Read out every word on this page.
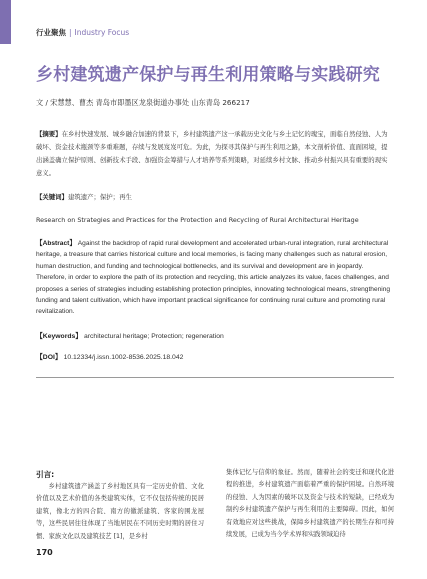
行业聚焦 | Industry Focus
乡村建筑遗产保护与再生利用策略与实践研究
文 / 宋慧慧、曹杰 青岛市即墨区龙泉街道办事处 山东青岛 266217
【摘要】在乡村快速发展、城乡融合加速的背景下，乡村建筑遗产这一承载历史文化与乡土记忆的瑰宝，面临自然侵蚀、人为破坏、资金技术瓶颈等多重难题，存续与发展岌岌可危。为此，为探寻其保护与再生利用之路，本文剖析价值、直面困境，提出涵盖确立保护原则、创新技术手段、加强资金筹措与人才培养等系列策略，对延续乡村文脉、推动乡村振兴具有重要的现实意义。
【关键词】建筑遗产；保护；再生
Research on Strategies and Practices for the Protection and Recycling of Rural Architectural Heritage
【Abstract】 Against the backdrop of rapid rural development and accelerated urban-rural integration, rural architectural heritage, a treasure that carries historical culture and local memories, is facing many challenges such as natural erosion, human destruction, and funding and technological bottlenecks, and its survival and development are in jeopardy. Therefore, in order to explore the path of its protection and recycling, this article analyzes its value, faces challenges, and proposes a series of strategies including establishing protection principles, innovating technological means, strengthening funding and talent cultivation, which have important practical significance for continuing rural culture and promoting rural revitalization.
【Keywords】 architectural heritage; Protection; regeneration
【DOI】 10.12334/j.issn.1002-8536.2025.18.042
引言:

乡村建筑遗产涵盖了乡村地区具有一定历史价值、文化价值以及艺术价值的各类建筑实体，它不仅包括传统的民居建筑，像北方的四合院、南方的徽派建筑、客家的围龙屋等，这些民居往往体现了当地居民在不同历史时期的居住习惯、家族文化以及建筑技艺 [1]，是乡村

集体记忆与信仰的象征。然而，随着社会的变迁和现代化进程的推进，乡村建筑遗产面临着严重的保护困境。自然环境的侵蚀、人为因素的破坏以及资金与技术的短缺，已经成为制约乡村建筑遗产保护与再生利用的主要障碍。因此，如何有效地应对这些挑战，保障乡村建筑遗产的长期生存和可持续发展，已成为当今学术界和实践领域迫待

170
